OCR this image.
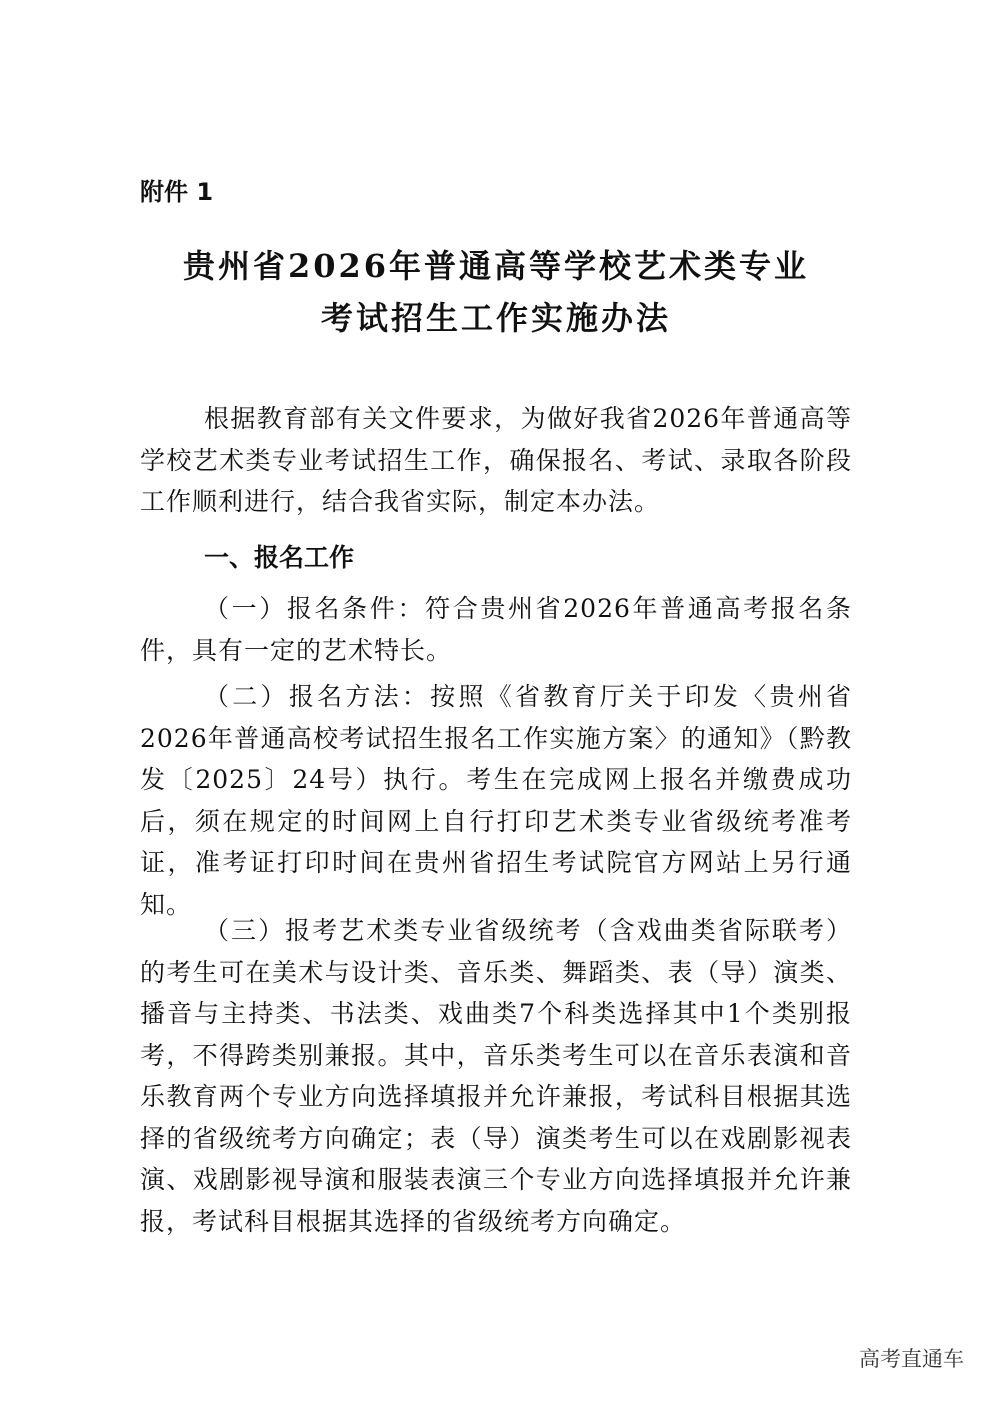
附件 1
贵州省2026年普通高等学校艺术类专业
考试招生工作实施办法

根据教育部有关文件要求，为做好我省2026年普通高等学校艺术类专业考试招生工作，确保报名、考试、录取各阶段工作顺利进行，结合我省实际，制定本办法。

一、报名工作

（一）报名条件：符合贵州省2026年普通高考报名条件，具有一定的艺术特长。

（二）报名方法：按照《省教育厅关于印发〈贵州省2026年普通高校考试招生报名工作实施方案〉的通知》（黔教发〔2025〕24号）执行。考生在完成网上报名并缴费成功后，须在规定的时间网上自行打印艺术类专业省级统考准考证，准考证打印时间在贵州省招生考试院官方网站上另行通知。

（三）报考艺术类专业省级统考（含戏曲类省际联考）的考生可在美术与设计类、音乐类、舞蹈类、表（导）演类、播音与主持类、书法类、戏曲类7个科类选择其中1个类别报考，不得跨类别兼报。其中，音乐类考生可以在音乐表演和音乐教育两个专业方向选择填报并允许兼报，考试科目根据其选择的省级统考方向确定；表（导）演类考生可以在戏剧影视表演、戏剧影视导演和服装表演三个专业方向选择填报并允许兼报，考试科目根据其选择的省级统考方向确定。

高考直通车
